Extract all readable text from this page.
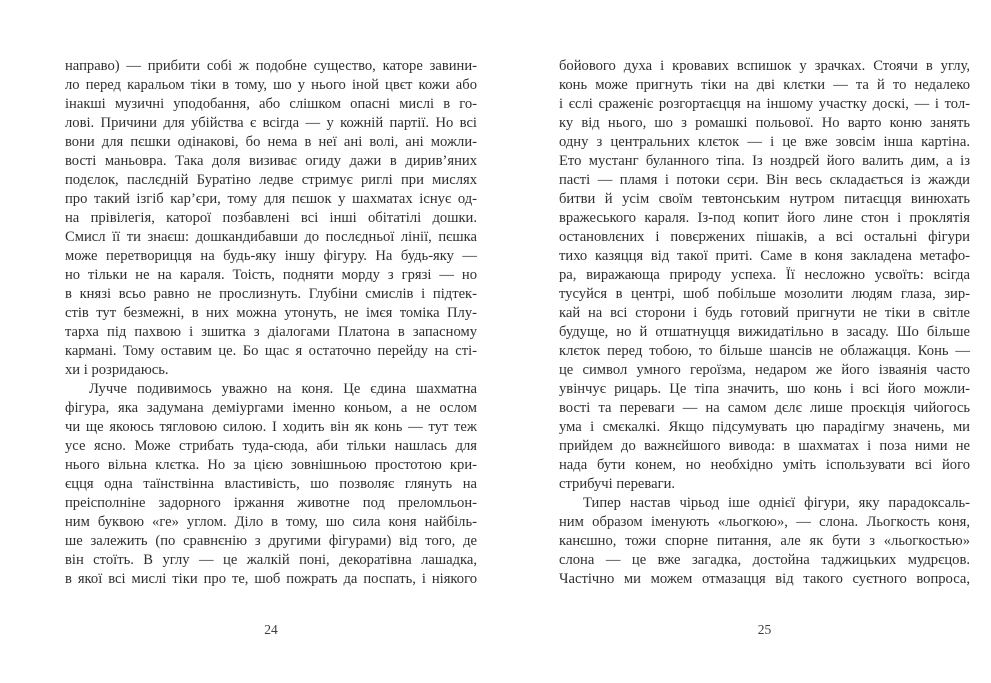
направо) — прибити собі ж подобне существо, каторе завини-
ло перед каральом тіки в тому, шо у нього іной цвєт кожи або
інакші музичні уподобання, або слішком опасні мислі в го-
лові. Причини для убійства є всігда — у кожній партії. Но всі
вони для пєшки одінакові, бо нема в неї ані волі, ані можли-
вості маньовра. Така доля визиває огиду дажи в дирив’яних
подєлок, паслєдній Буратіно ледве стримує риглі при мислях
про такий ізгіб кар’єри, тому для пєшок у шахматах існує од-
на прівілегія, каторої позбавлені всі інші обітатілі дошки.
Смисл її ти знаєш: дошкандибавши до послєдньої лінії, пєшка
може перетворицця на будь-яку іншу фігуру. На будь-яку —
но тільки не на караля. Тоість, подняти морду з грязі — но
в князі всьо равно не прослизнуть. Глубіни смислів і підтек-
стів тут безмежні, в них можна утонуть, не імєя томіка Плу-
тарха під пахвою і зшитка з діалогами Платона в запасному
кармані. Тому оставим це. Бо щас я остаточно перейду на сті-
хи і розридаюсь.
Лучче подивимось уважно на коня. Це єдина шахматна
фігура, яка задумана деміургами іменно коньом, а не ослом
чи ще якоюсь тягловою силою. І ходить він як конь — тут теж
усе ясно. Може стрибать туда-сюда, аби тільки нашлась для
нього вільна клєтка. Но за цією зовнішньою простотою кри-
єцця одна таїнствінна властивість, шо позволяє глянуть на
преісполніне задорного іржання животне под преломльон-
ним буквою «ге» углом. Діло в тому, шо сила коня найбіль-
ше залежить (по сравнєнію з другими фігурами) від того, де
він стоїть. В углу — це жалкій поні, декоратівна лашадка,
в якої всі мислі тіки про те, шоб пожрать да поспать, і ніякого
24
бойового духа і кровавих вспишок у зрачках. Стоячи в углу,
конь може пригнуть тіки на дві клєтки — та й то недалеко
і єслі сраженіє розгортаєцця на іншому участку доскі, — і тол-
ку від нього, шо з ромашкі польової. Но варто коню занять
одну з центральних клєток — і це вже зовсім інша картіна.
Ето мустанг буланного тіпа. Із ноздрєй його валить дим, а із
пасті — пламя і потоки сєри. Він весь складається із жажди
битви й усім своїм тевтонським нутром питаєцця винюхать
вражеського караля. Із-под копит його лине стон і проклятія
остановлєних і повєржених пішаків, а всі остальні фігури
тихо казяцця від такої приті. Саме в коня закладена метафо-
ра, виражающа природу успеха. Її несложно усвоїть: всігда
тусуйся в центрі, шоб побільше мозолити людям глаза, зир-
кай на всі сторони і будь готовий пригнути не тіки в світле
будуще, но й отшатнуцця вижидатільно в засаду. Шо більше
клєток перед тобою, то більше шансів не облажацця. Конь —
це символ умного героїзма, недаром же його ізваянія часто
увінчує рицарь. Це тіпа значить, шо конь і всі його можли-
вості та переваги — на самом дєлє лише проєкція чийогось
ума і смєкалкі. Якщо підсумувать цю парадігму значень, ми
прийдем до важнєйшого вивода: в шахматах і поза ними не
нада бути конем, но необхідно уміть іспользувати всі його
стрибучі переваги.
Типер настав чірьод іше однієї фігури, яку парадоксаль-
ним образом іменують «льогкою», — слона. Льогкость коня,
канєшно, тожи спорне питання, але як бути з «льогкостью»
слона — це вже загадка, достойна таджицьких мудрєцов.
Частічно ми можем отмазацця від такого суєтного вопроса,
25
